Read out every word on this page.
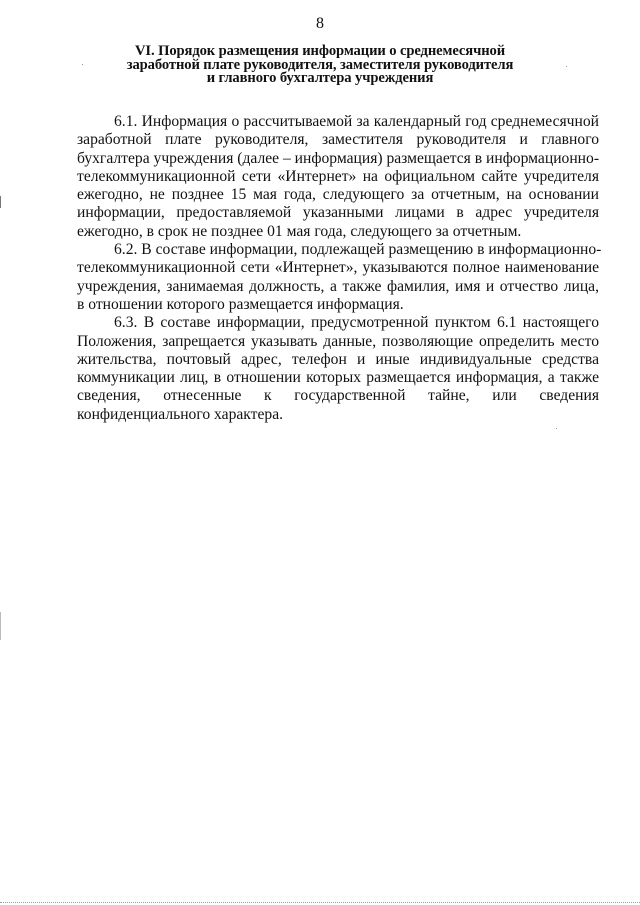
8
VI. Порядок размещения информации о среднемесячной
заработной плате руководителя, заместителя руководителя
и главного бухгалтера учреждения
6.1. Информация о рассчитываемой за календарный год среднемесячной
заработной плате руководителя, заместителя руководителя и главного
бухгалтера учреждения (далее – информация) размещается в информационно-
телекоммуникационной сети «Интернет» на официальном сайте учредителя
ежегодно, не позднее 15 мая года, следующего за отчетным, на основании
информации, предоставляемой указанными лицами в адрес учредителя
ежегодно, в срок не позднее 01 мая года, следующего за отчетным.
6.2. В составе информации, подлежащей размещению в информационно-
телекоммуникационной сети «Интернет», указываются полное наименование
учреждения, занимаемая должность, а также фамилия, имя и отчество лица,
в отношении которого размещается информация.
6.3. В составе информации, предусмотренной пунктом 6.1 настоящего
Положения, запрещается указывать данные, позволяющие определить место
жительства, почтовый адрес, телефон и иные индивидуальные средства
коммуникации лиц, в отношении которых размещается информация, а также
сведения, отнесенные к государственной тайне, или сведения
конфиденциального характера.
